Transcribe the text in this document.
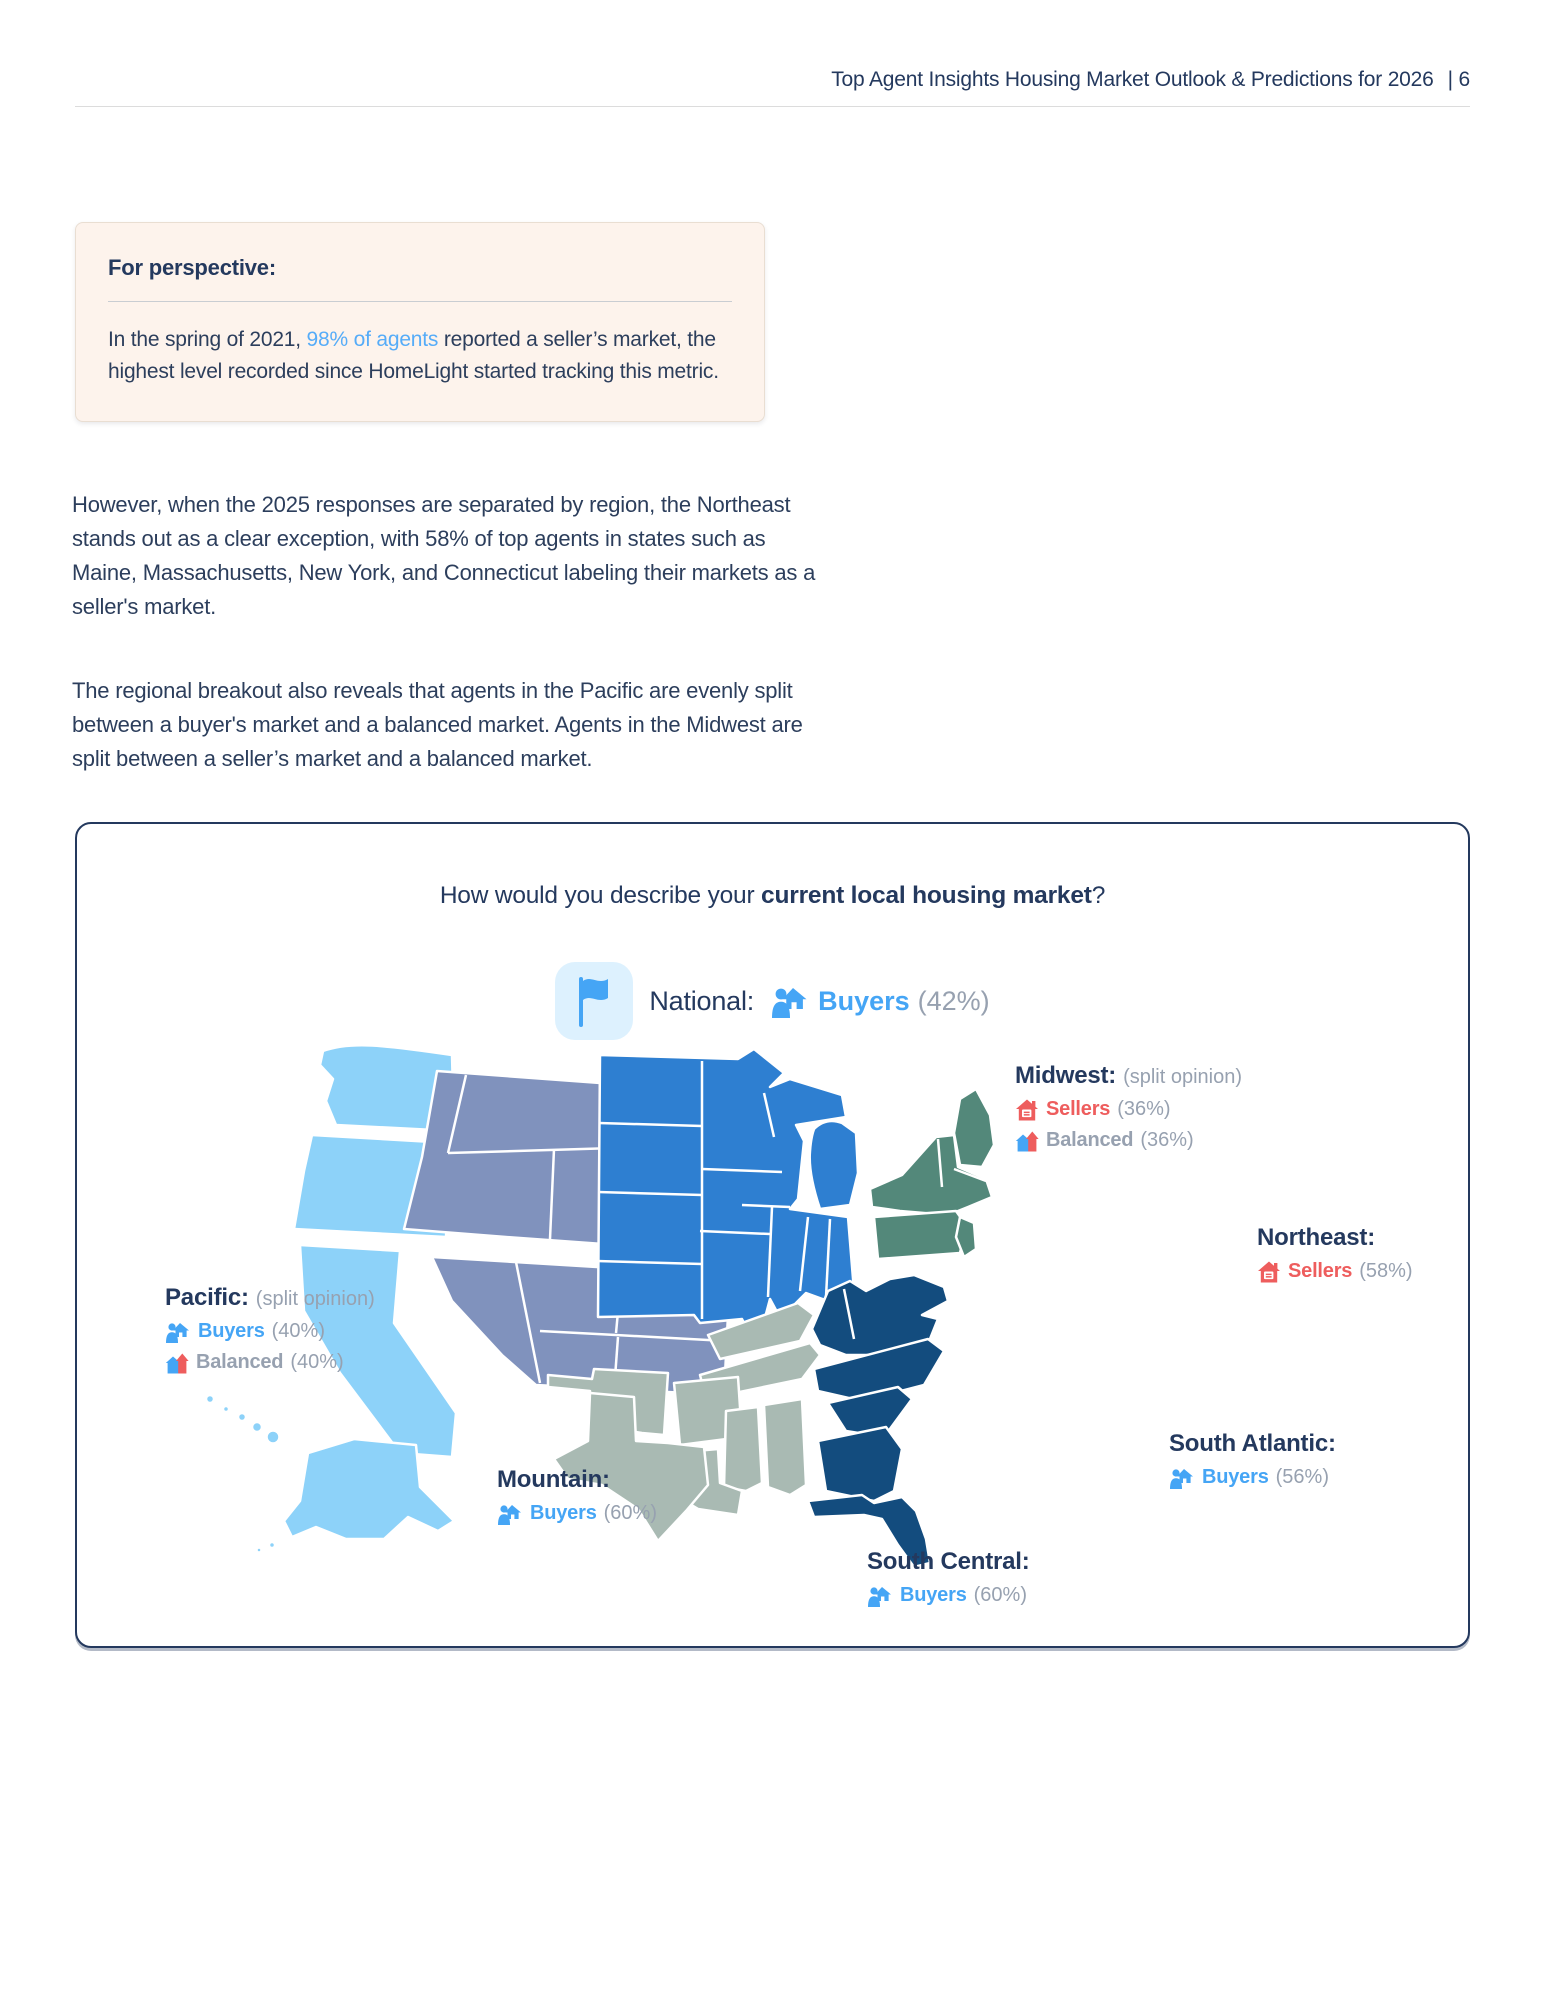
Top Agent Insights Housing Market Outlook & Predictions for 2026 | 6
For perspective:

In the spring of 2021, 98% of agents reported a seller’s market, the highest level recorded since HomeLight started tracking this metric.

However, when the 2025 responses are separated by region, the Northeast stands out as a clear exception, with 58% of top agents in states such as Maine, Massachusetts, New York, and Connecticut labeling their markets as a seller's market.

The regional breakout also reveals that agents in the Pacific are evenly split between a buyer's market and a balanced market. Agents in the Midwest are split between a seller’s market and a balanced market.

How would you describe your current local housing market?
National: Buyers (42%)
Midwest: (split opinion)
Sellers (36%)
Balanced (36%)
Northeast:
Sellers (58%)
Pacific: (split opinion)
Buyers (40%)
Balanced (40%)
Mountain:
Buyers (60%)
South Central:
Buyers (60%)
South Atlantic:
Buyers (56%)
